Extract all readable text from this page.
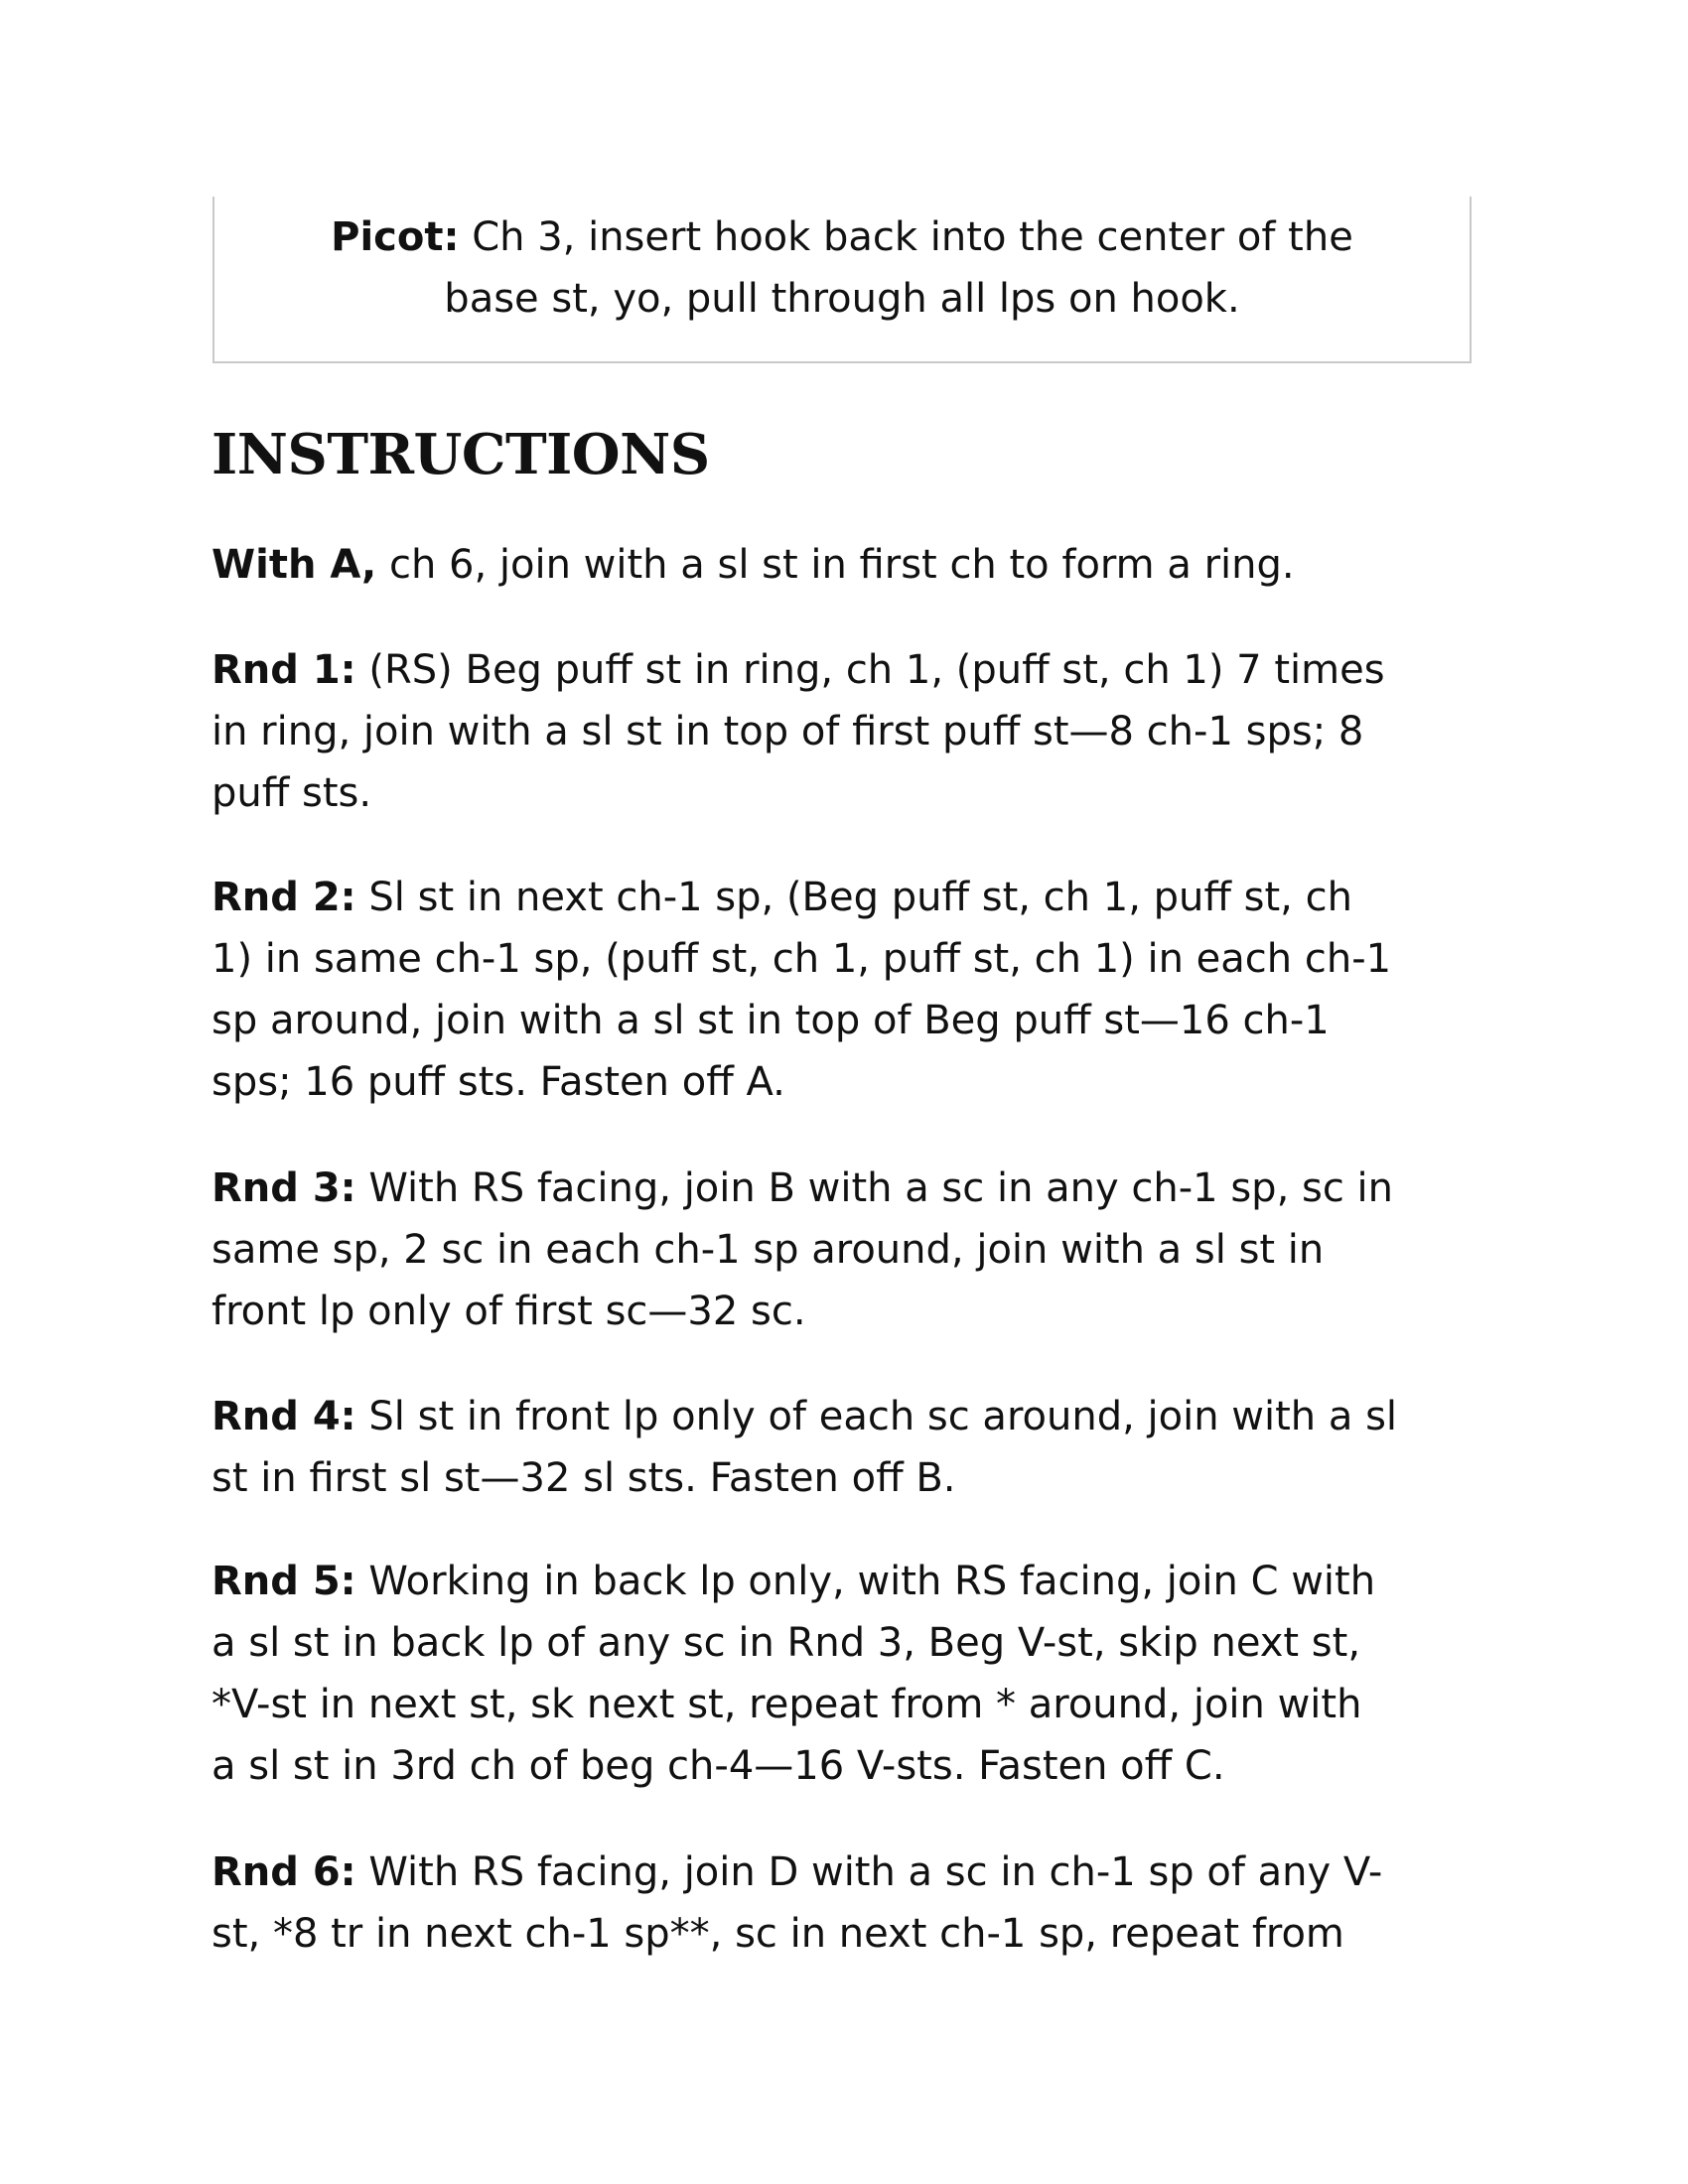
Picot: Ch 3, insert hook back into the center of the
base st, yo, pull through all lps on hook.
INSTRUCTIONS

With A, ch 6, join with a sl st in first ch to form a ring.

Rnd 1: (RS) Beg puff st in ring, ch 1, (puff st, ch 1) 7 times
in ring, join with a sl st in top of first puff st—8 ch-1 sps; 8
puff sts.

Rnd 2: Sl st in next ch-1 sp, (Beg puff st, ch 1, puff st, ch
1) in same ch-1 sp, (puff st, ch 1, puff st, ch 1) in each ch-1
sp around, join with a sl st in top of Beg puff st—16 ch-1
sps; 16 puff sts. Fasten off A.

Rnd 3: With RS facing, join B with a sc in any ch-1 sp, sc in
same sp, 2 sc in each ch-1 sp around, join with a sl st in
front lp only of first sc—32 sc.

Rnd 4: Sl st in front lp only of each sc around, join with a sl
st in first sl st—32 sl sts. Fasten off B.

Rnd 5: Working in back lp only, with RS facing, join C with
a sl st in back lp of any sc in Rnd 3, Beg V-st, skip next st,
*V-st in next st, sk next st, repeat from * around, join with
a sl st in 3rd ch of beg ch-4—16 V-sts. Fasten off C.

Rnd 6: With RS facing, join D with a sc in ch-1 sp of any V-
st, *8 tr in next ch-1 sp**, sc in next ch-1 sp, repeat from
